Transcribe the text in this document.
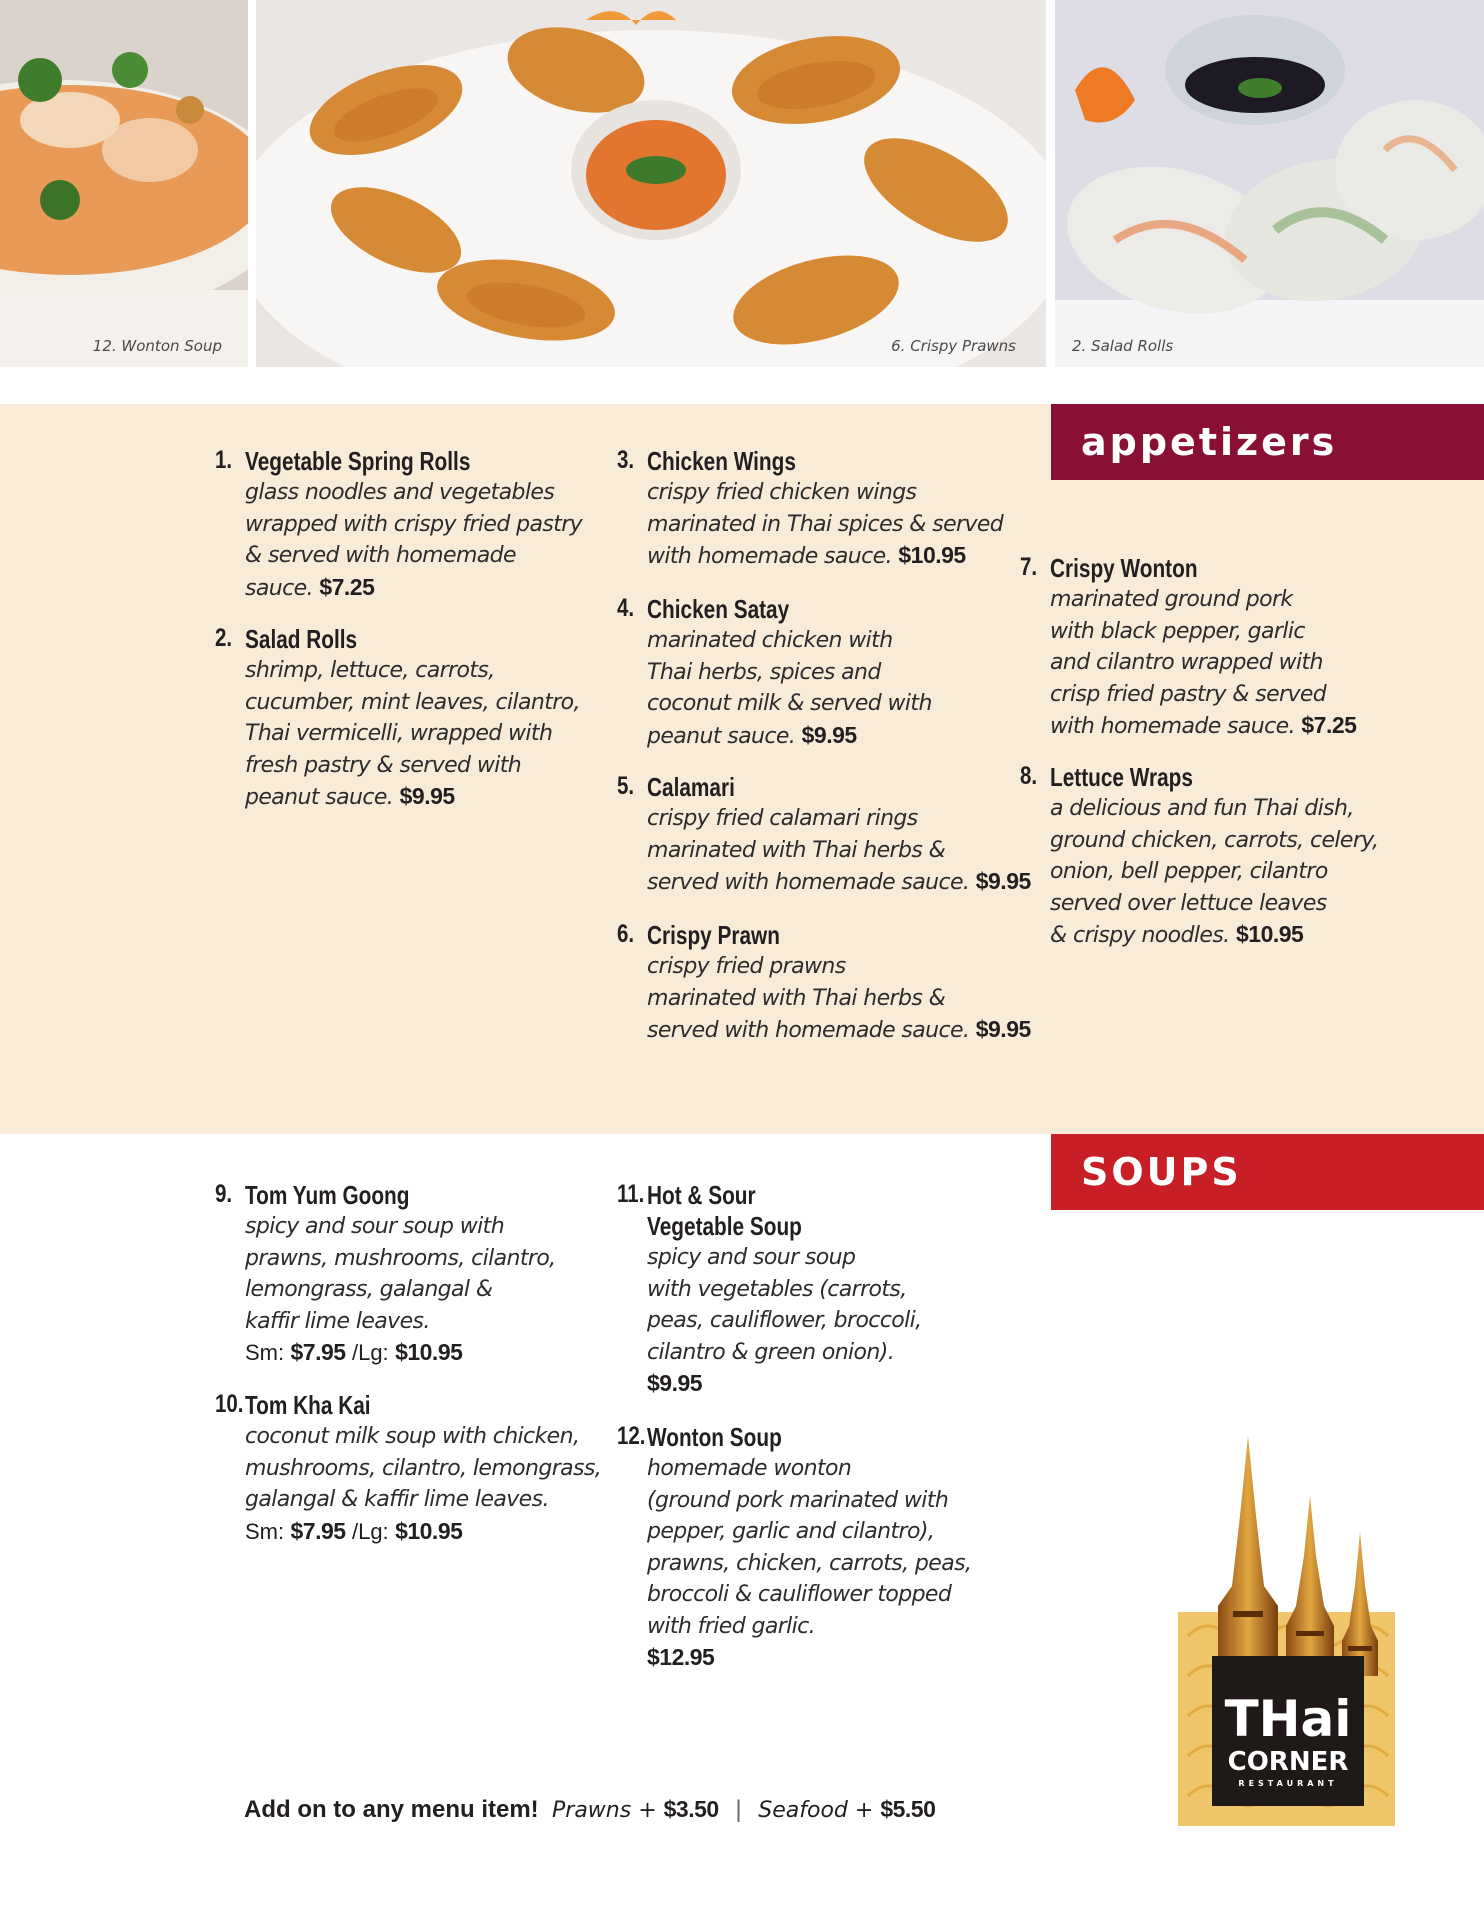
12. Wonton Soup	6. Crispy Prawns	2. Salad Rolls
appetizers
1. Vegetable Spring Rolls
glass noodles and vegetables
wrapped with crispy fried pastry
& served with homemade
sauce. $7.25
2. Salad Rolls
shrimp, lettuce, carrots,
cucumber, mint leaves, cilantro,
Thai vermicelli, wrapped with
fresh pastry & served with
peanut sauce. $9.95
3. Chicken Wings
crispy fried chicken wings
marinated in Thai spices & served
with homemade sauce. $10.95
4. Chicken Satay
marinated chicken with
Thai herbs, spices and
coconut milk & served with
peanut sauce. $9.95
5. Calamari
crispy fried calamari rings
marinated with Thai herbs &
served with homemade sauce. $9.95
6. Crispy Prawn
crispy fried prawns
marinated with Thai herbs &
served with homemade sauce. $9.95
7. Crispy Wonton
marinated ground pork
with black pepper, garlic
and cilantro wrapped with
crisp fried pastry & served
with homemade sauce. $7.25
8. Lettuce Wraps
a delicious and fun Thai dish,
ground chicken, carrots, celery,
onion, bell pepper, cilantro
served over lettuce leaves
& crispy noodles. $10.95
SOUPS
9. Tom Yum Goong
spicy and sour soup with
prawns, mushrooms, cilantro,
lemongrass, galangal &
kaffir lime leaves.
Sm: $7.95 /Lg: $10.95
10. Tom Kha Kai
coconut milk soup with chicken,
mushrooms, cilantro, lemongrass,
galangal & kaffir lime leaves.
Sm: $7.95 /Lg: $10.95
11. Hot & Sour
Vegetable Soup
spicy and sour soup
with vegetables (carrots,
peas, cauliflower, broccoli,
cilantro & green onion).
$9.95
12. Wonton Soup
homemade wonton
(ground pork marinated with
pepper, garlic and cilantro),
prawns, chicken, carrots, peas,
broccoli & cauliflower topped
with fried garlic.
$12.95
Add on to any menu item! Prawns + $3.50 | Seafood + $5.50
THai
CORNER
RESTAURANT
